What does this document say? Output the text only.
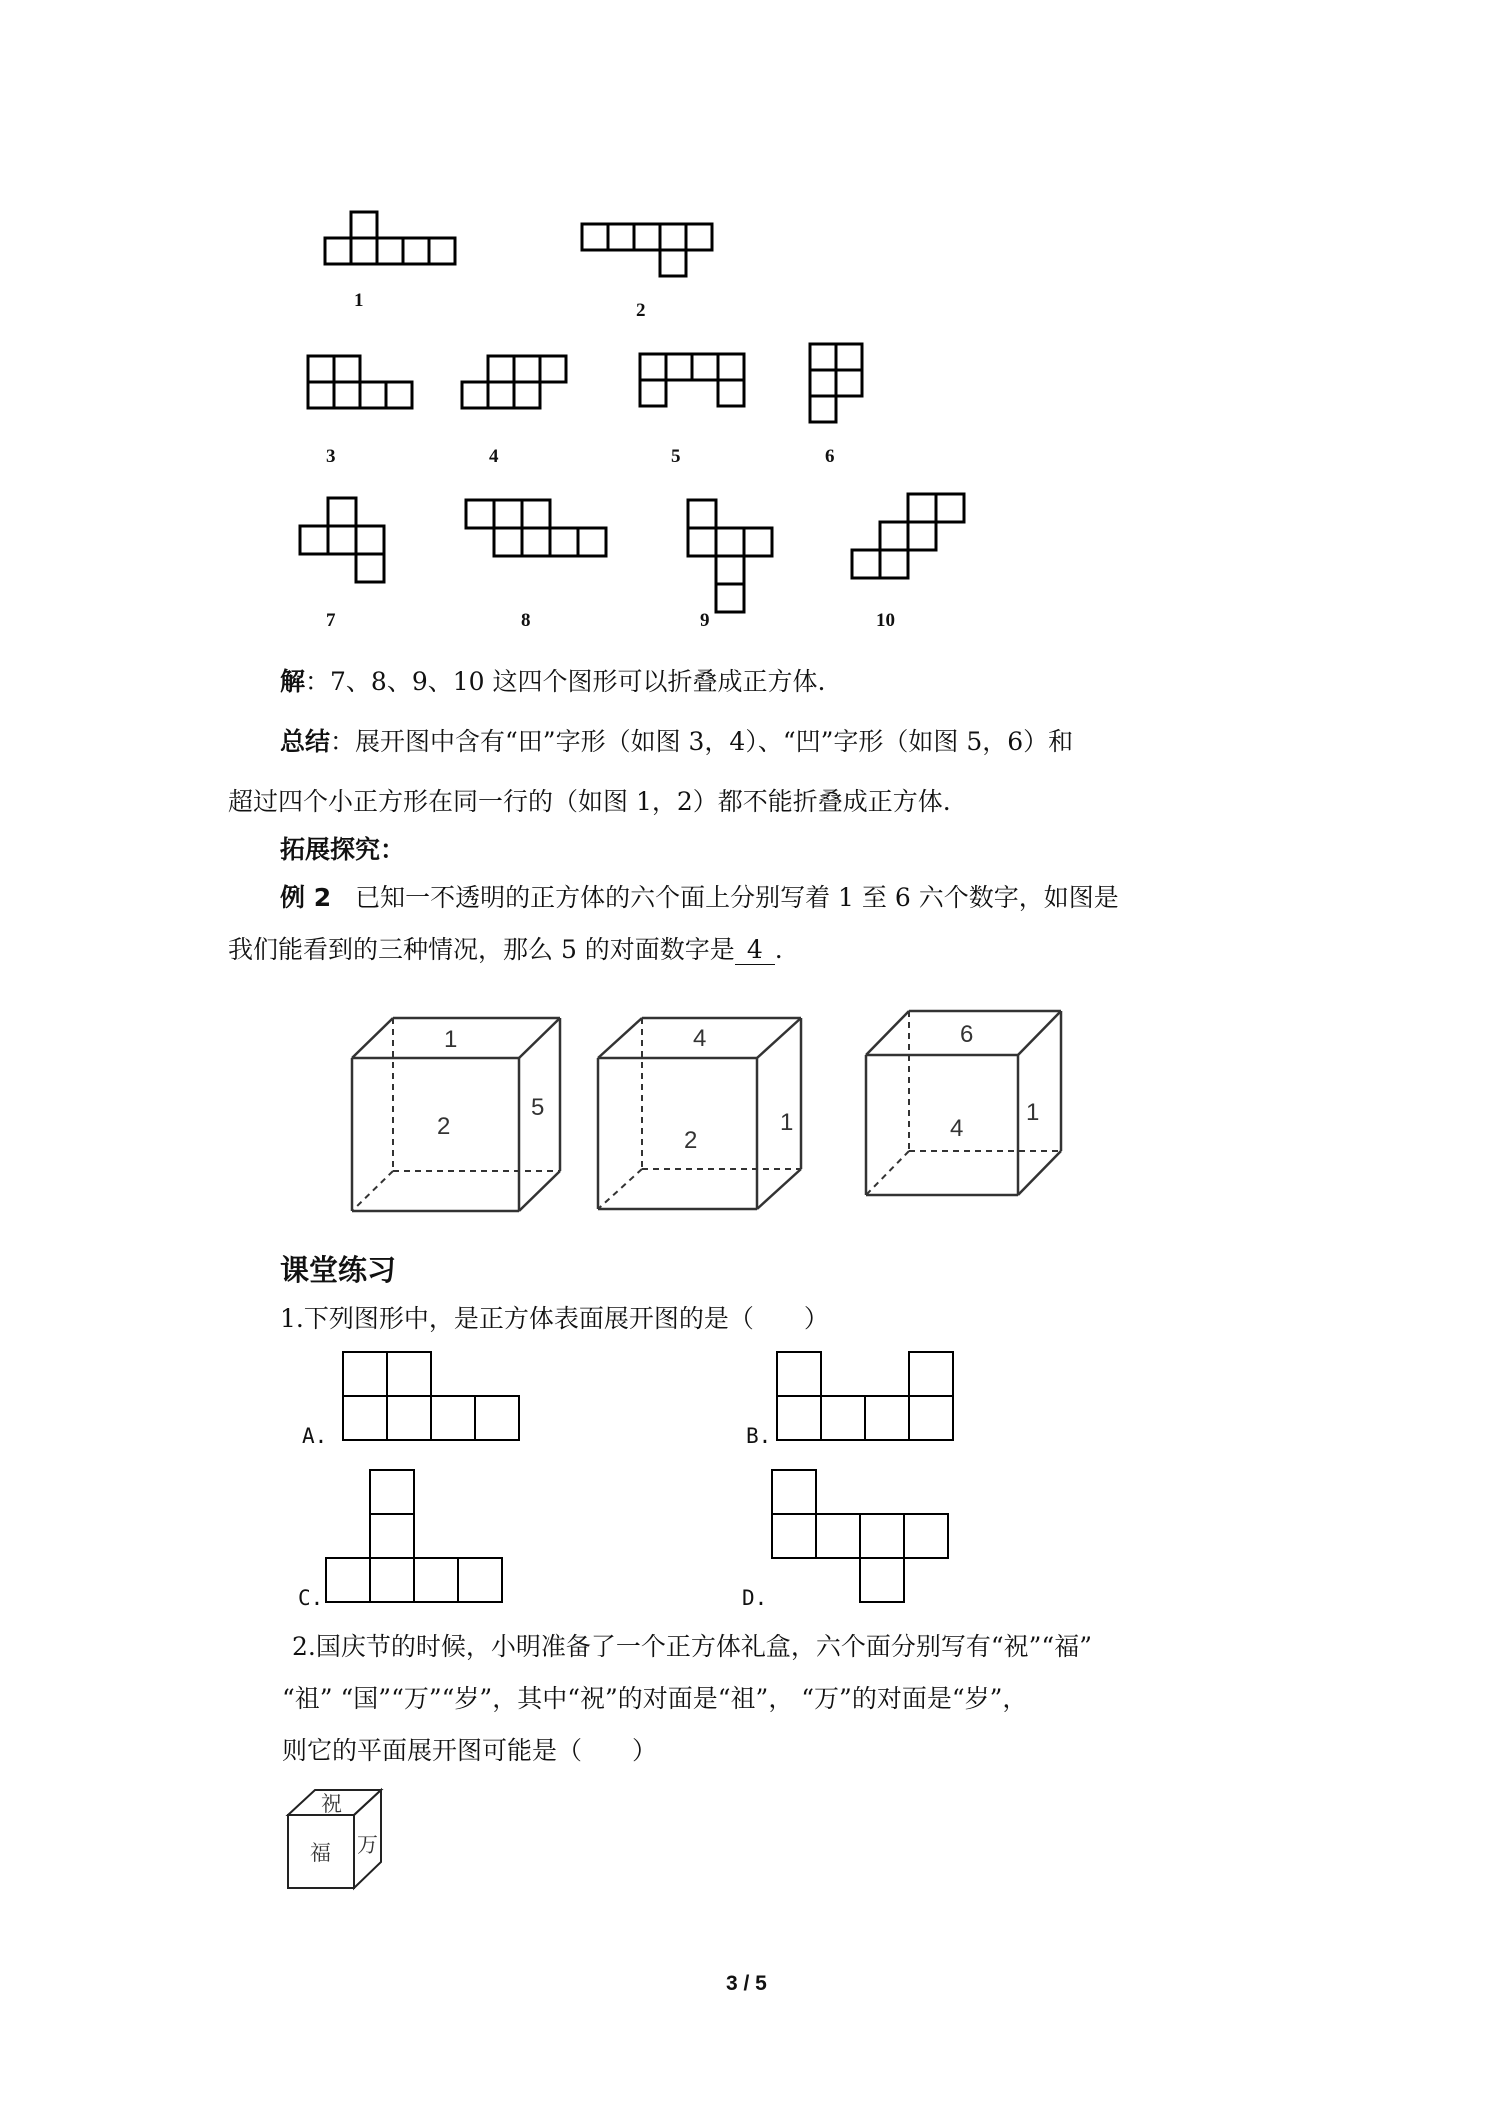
1	2
3	4	5	6
7	8	9	10
解：7、8、9、10 这四个图形可以折叠成正方体.
总结：展开图中含有“田”字形（如图 3，4）、“凹”字形（如图 5，6）和
超过四个小正方形在同一行的（如图 1，2）都不能折叠成正方体.
拓展探究：
例 2 已知一不透明的正方体的六个面上分别写着 1 至 6 六个数字，如图是
我们能看到的三种情况，那么 5 的对面数字是 4 .
1
2
5
4
2
1
6
4
1
课堂练习
1.下列图形中，是正方体表面展开图的是（　　）
A.	B.
C.	D.
2.国庆节的时候，小明准备了一个正方体礼盒，六个面分别写有“祝”“福”
“祖” “国”“万”“岁”，其中“祝”的对面是“祖”， “万”的对面是“岁”，
则它的平面展开图可能是（　　）
祝
福 万
3 / 5
